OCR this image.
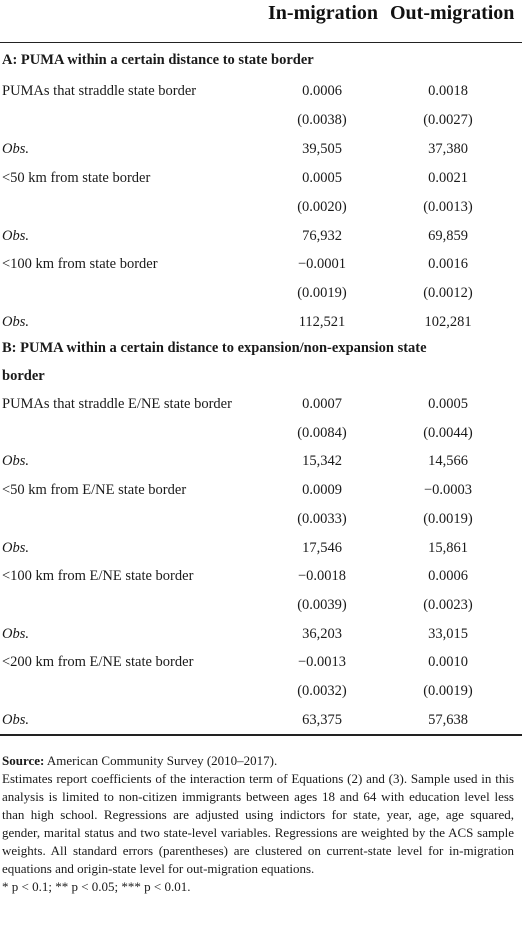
In-migration Out-migration
A: PUMA within a certain distance to state border
PUMAs that straddle state border	0.0006	0.0018
(0.0038)	(0.0027)
Obs.	39,505	37,380
<50 km from state border	0.0005	0.0021
(0.0020)	(0.0013)
Obs.	76,932	69,859
<100 km from state border	−0.0001	0.0016
(0.0019)	(0.0012)
Obs.	112,521	102,281
B: PUMA within a certain distance to expansion/non-expansion state
border
PUMAs that straddle E/NE state border	0.0007	0.0005
(0.0084)	(0.0044)
Obs.	15,342	14,566
<50 km from E/NE state border	0.0009	−0.0003
(0.0033)	(0.0019)
Obs.	17,546	15,861
<100 km from E/NE state border	−0.0018	0.0006
(0.0039)	(0.0023)
Obs.	36,203	33,015
<200 km from E/NE state border	−0.0013	0.0010
(0.0032)	(0.0019)
Obs.	63,375	57,638

Source: American Community Survey (2010–2017).

Estimates report coefficients of the interaction term of Equations (2) and (3). Sample used in this analysis is limited to non-citizen immigrants between ages 18 and 64 with education level less than high school. Regressions are adjusted using indictors for state, year, age, age squared, gender, marital status and two state-level variables. Regressions are weighted by the ACS sample weights. All standard errors (parentheses) are clustered on current-state level for in-migration equations and origin-state level for out-migration equations.

* p < 0.1; ** p < 0.05; *** p < 0.01.
